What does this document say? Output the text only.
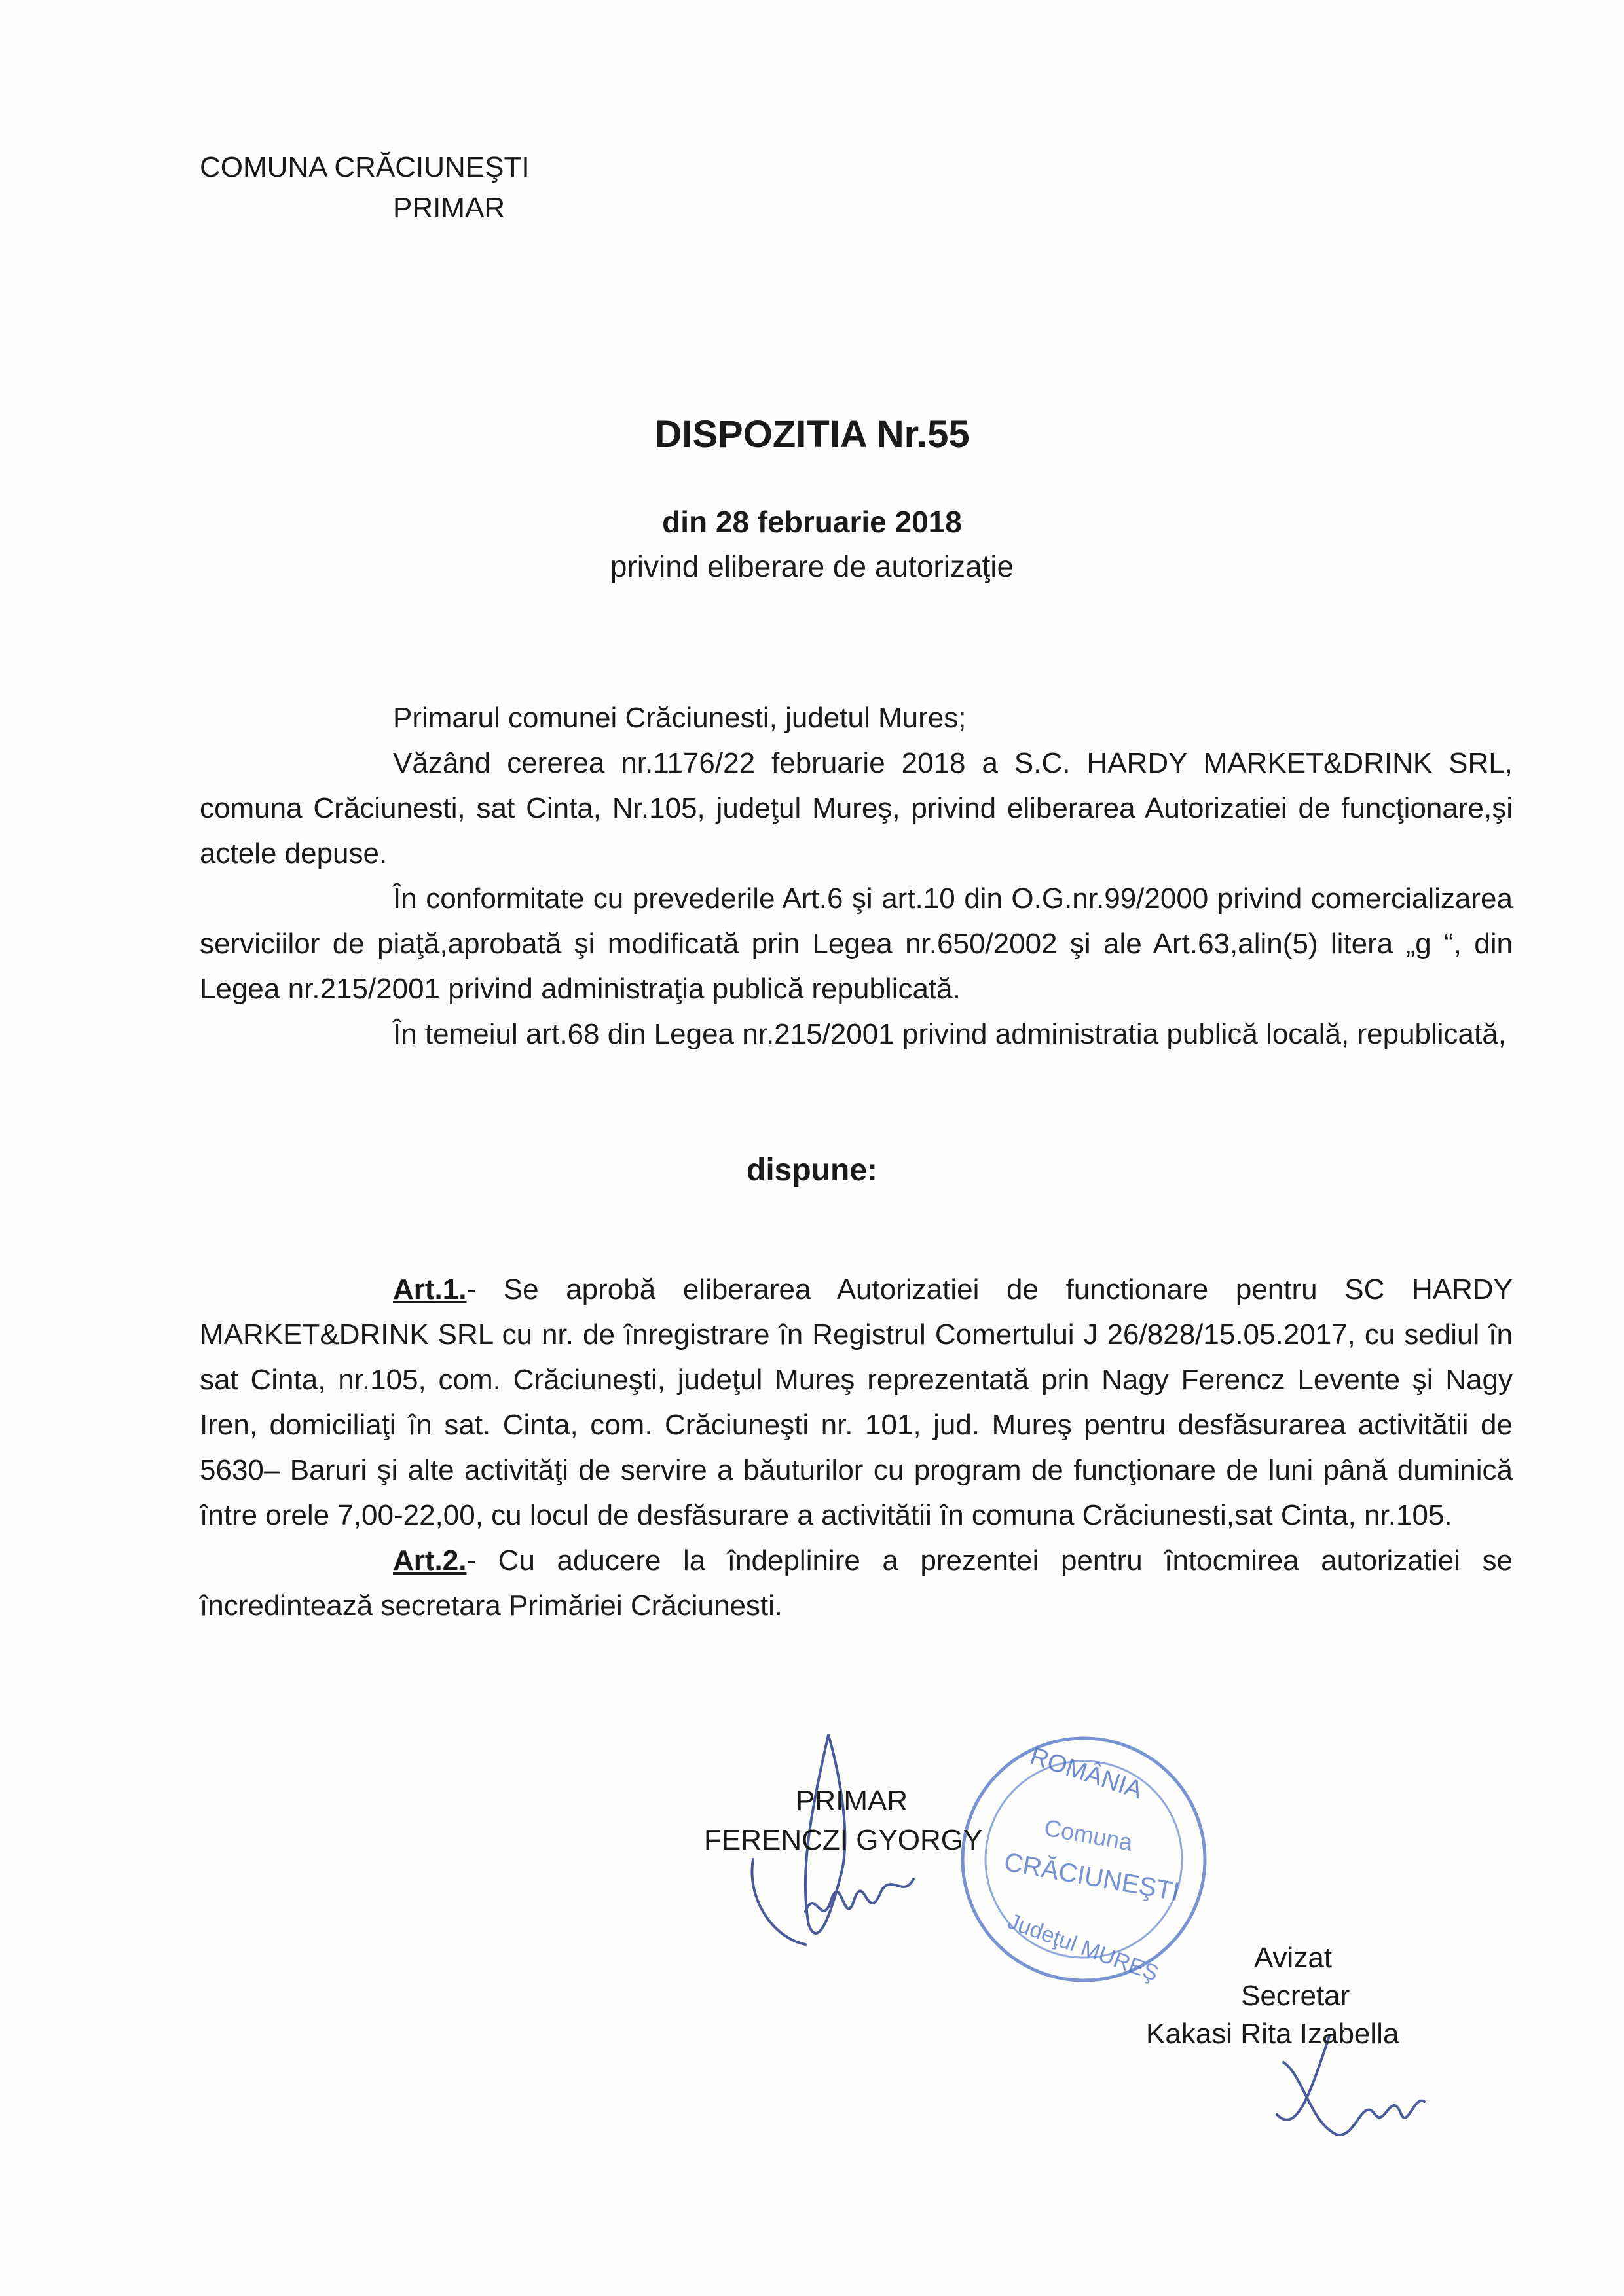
COMUNA CRĂCIUNEŞTI
PRIMAR
DISPOZITIA Nr.55
din 28 februarie 2018
privind eliberare de autorizaţie

Primarul comunei Crăciunesti, judetul Mures;

Văzând cererea nr.1176/22 februarie 2018 a S.C. HARDY MARKET&DRINK SRL, comuna Crăciunesti, sat Cinta, Nr.105, judeţul Mureş, privind eliberarea Autorizatiei de funcţionare,şi actele depuse.

În conformitate cu prevederile Art.6 şi art.10 din O.G.nr.99/2000 privind comercializarea serviciilor de piaţă,aprobată şi modificată prin Legea nr.650/2002 şi ale Art.63,alin(5) litera „g “, din Legea nr.215/2001 privind administraţia publică republicată.

În temeiul art.68 din Legea nr.215/2001 privind administratia publică locală, republicată,

dispune:

Art.1.- Se aprobă eliberarea Autorizatiei de functionare pentru SC HARDY MARKET&DRINK SRL cu nr. de înregistrare în Registrul Comertului J 26/828/15.05.2017, cu sediul în sat Cinta, nr.105, com. Crăciuneşti, judeţul Mureş reprezentată prin Nagy Ferencz Levente şi Nagy Iren, domiciliaţi în sat. Cinta, com. Crăciuneşti nr. 101, jud. Mureş pentru desfăsurarea activitătii de 5630– Baruri şi alte activităţi de servire a băuturilor cu program de funcţionare de luni până duminică între orele 7,00-22,00, cu locul de desfăsurare a activitătii în comuna Crăciunesti,sat Cinta, nr.105.

Art.2.- Cu aducere la îndeplinire a prezentei pentru întocmirea autorizatiei se încredintează secretara Primăriei Crăciunesti.

ROMÂNIA
Comuna
CRĂCIUNEŞTI
Judeţul MUREŞ
PRIMAR
FERENCZI GYORGY
Avizat
Secretar
Kakasi Rita Izabella
